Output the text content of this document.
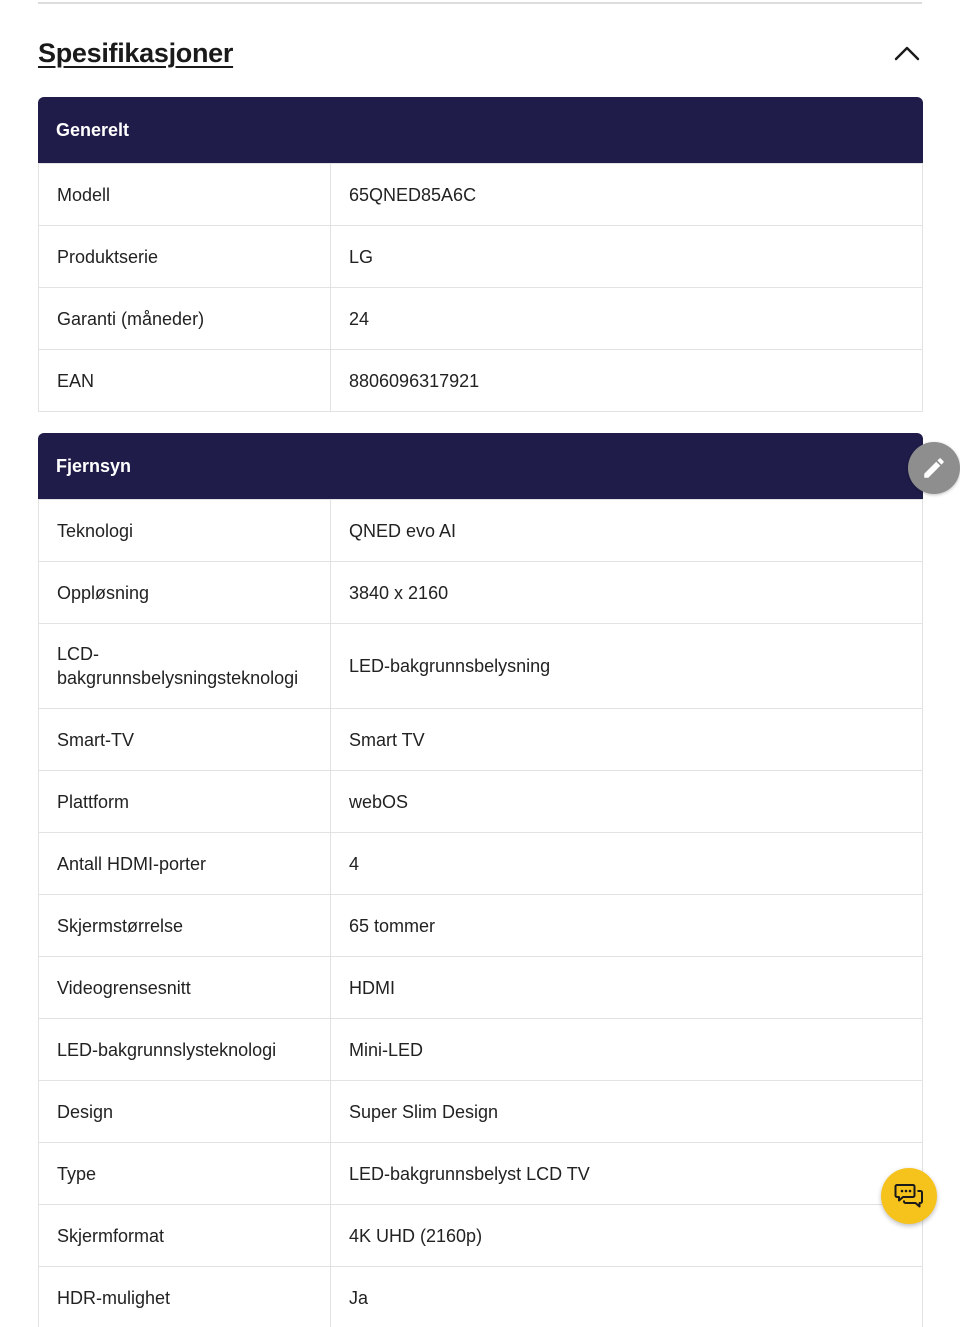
Spesifikasjoner
Generelt
Modell	65QNED85A6C
Produktserie	LG
Garanti (måneder)	24
EAN	8806096317921
Fjernsyn
Teknologi	QNED evo AI
Oppløsning	3840 x 2160
LCD-bakgrunnsbelysningsteknologi	LED-bakgrunnsbelysning
Smart-TV	Smart TV
Plattform	webOS
Antall HDMI-porter	4
Skjermstørrelse	65 tommer
Videogrensesnitt	HDMI
LED-bakgrunnslysteknologi	Mini-LED
Design	Super Slim Design
Type	LED-bakgrunnsbelyst LCD TV
Skjermformat	4K UHD (2160p)
HDR-mulighet	Ja
